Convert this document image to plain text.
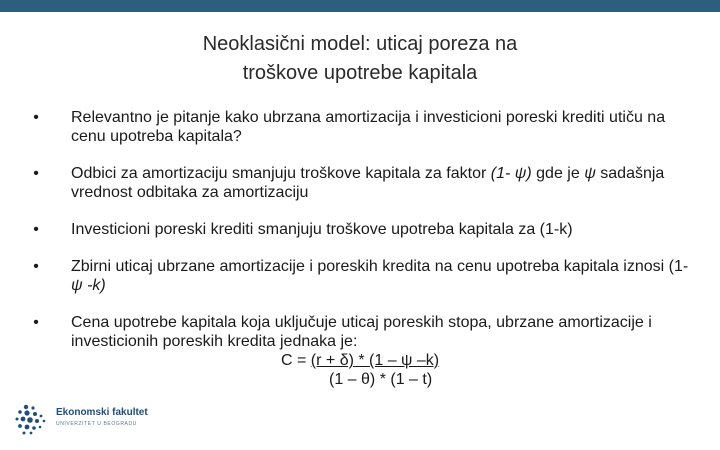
Neoklasični model: uticaj poreza na
troškove upotrebe kapitala
• Relevantno je pitanje kako ubrzana amortizacija i investicioni poreski krediti utiču na cenu upotreba kapitala?
• Odbici za amortizaciju smanjuju troškove kapitala za faktor (1- ψ) gde je ψ sadašnja vrednost odbitaka za amortizaciju
• Investicioni poreski krediti smanjuju troškove upotreba kapitala za (1-k)
• Zbirni uticaj ubrzane amortizacije i poreskih kredita na cenu upotreba kapitala iznosi (1- ψ -k)
• Cena upotrebe kapitala koja uključuje uticaj poreskih stopa, ubrzane amortizacije i investicionih poreskih kredita jednaka je:
C = (r + δ) * (1 – ψ –k)
(1 – θ) * (1 – t)
Ekonomski fakultet
UNIVERZITET U BEOGRADU
